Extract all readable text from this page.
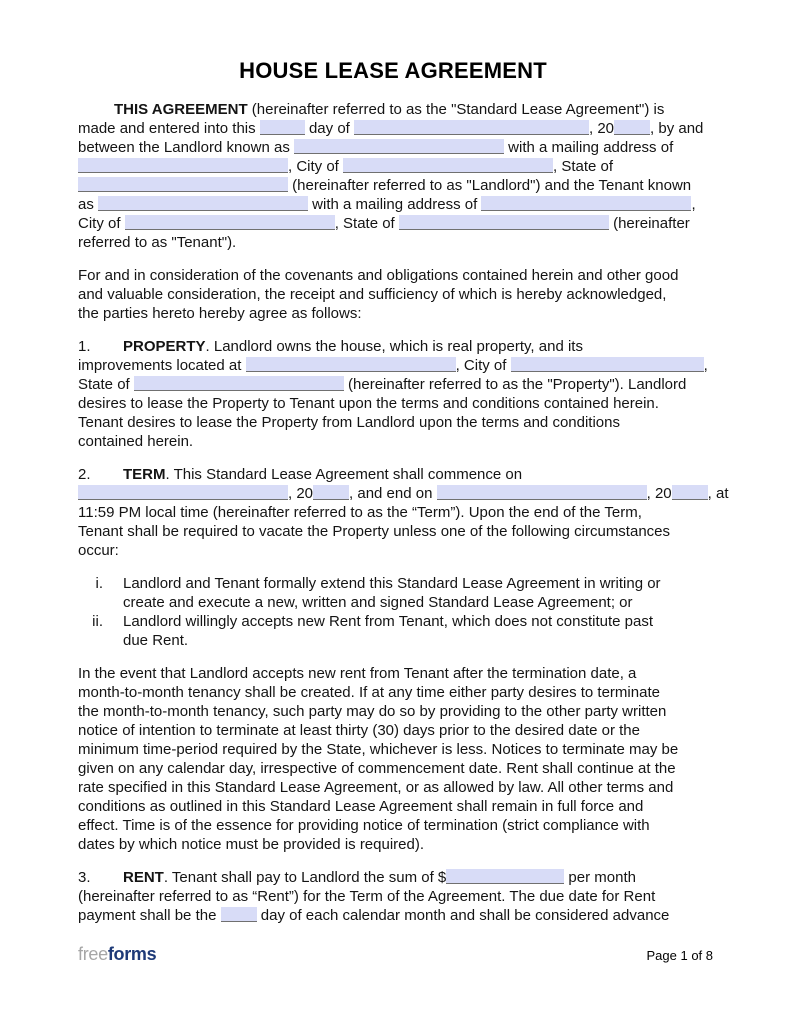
HOUSE LEASE AGREEMENT
THIS AGREEMENT (hereinafter referred to as the "Standard Lease Agreement") is
made and entered into this	day of	, 20 , by and
between the Landlord known as	with a mailing address of
, City of	, State of
(hereinafter referred to as "Landlord") and the Tenant known
as	with a mailing address of	,
City of	, State of	(hereinafter
referred to as "Tenant").
For and in consideration of the covenants and obligations contained herein and other good
and valuable consideration, the receipt and sufficiency of which is hereby acknowledged,
the parties hereto hereby agree as follows:
1. PROPERTY. Landlord owns the house, which is real property, and its
improvements located at	, City of	,
State of	(hereinafter referred to as the "Property"). Landlord
desires to lease the Property to Tenant upon the terms and conditions contained herein.
Tenant desires to lease the Property from Landlord upon the terms and conditions
contained herein.
2. TERM. This Standard Lease Agreement shall commence on
, 20 , and end on	, 20 , at
11:59 PM local time (hereinafter referred to as the “Term”). Upon the end of the Term,
Tenant shall be required to vacate the Property unless one of the following circumstances
occur:
i. Landlord and Tenant formally extend this Standard Lease Agreement in writing or
create and execute a new, written and signed Standard Lease Agreement; or
ii. Landlord willingly accepts new Rent from Tenant, which does not constitute past
due Rent.
In the event that Landlord accepts new rent from Tenant after the termination date, a
month-to-month tenancy shall be created. If at any time either party desires to terminate
the month-to-month tenancy, such party may do so by providing to the other party written
notice of intention to terminate at least thirty (30) days prior to the desired date or the
minimum time-period required by the State, whichever is less. Notices to terminate may be
given on any calendar day, irrespective of commencement date. Rent shall continue at the
rate specified in this Standard Lease Agreement, or as allowed by law. All other terms and
conditions as outlined in this Standard Lease Agreement shall remain in full force and
effect. Time is of the essence for providing notice of termination (strict compliance with
dates by which notice must be provided is required).
3. RENT. Tenant shall pay to Landlord the sum of $	per month
(hereinafter referred to as “Rent”) for the Term of the Agreement. The due date for Rent
payment shall be the  day of each calendar month and shall be considered advance
freeforms	Page 1 of 8
